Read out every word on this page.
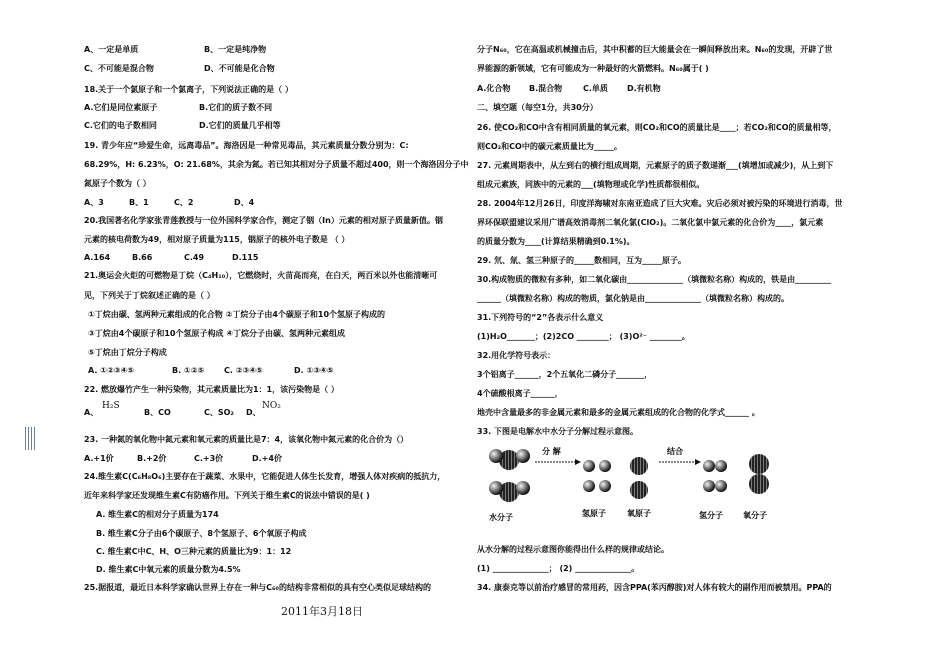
H₂S	NO₂
A、一定是单质	B、一定是纯净物
C、不可能是混合物	D、不可能是化合物
18.关于一个氯原子和一个氯离子，下列说法正确的是（ ）
A.它们是同位素原子	B.它们的质子数不同
C.它们的电子数相同	D.它们的质量几乎相等
19. 青少年应“珍爱生命，远离毒品”。海洛因是一种常见毒品，其元素质量分数分别为：C:
68.29%，H: 6.23%，O: 21.68%，其余为氮。若已知其相对分子质量不超过400，则一个海洛因分子中
氮原子个数为（ ）
A、3	B、1	C、2	D、4
20.我国著名化学家张青莲教授与一位外国科学家合作，测定了铟（In）元素的相对原子质量新值。铟
元素的核电荷数为49，相对原子质量为115，铟原子的核外电子数是 （ ）
A.164	B.66	C.49	D.115
21.奥运会火炬的可燃物是丁烷（C₄H₁₀），它燃烧时，火苗高而亮，在白天，两百米以外也能清晰可
见，下列关于丁烷叙述正确的是（ ）
①丁烷由碳、氢两种元素组成的化合物 ②丁烷分子由4个碳原子和10个氢原子构成的
③丁烷由4个碳原子和10个氢原子构成 ④丁烷分子由碳、氢两种元素组成
⑤丁烷由丁烷分子构成
A. ①②③④⑤	B. ①②⑤ C. ②③④⑤	D. ①③④⑤
22. 燃放爆竹产生一种污染物，其元素质量比为1：1，该污染物是（ ）
A、	B、CO	C、SO₂ D、
23. 一种氮的氧化物中氮元素和氧元素的质量比是7：4，该氧化物中氮元素的化合价为（）
A.+1价	B.+2价	C.+3价	D.+4价
24.维生素C(C₆H₈O₆)主要存在于蔬菜、水果中，它能促进人体生长发育，增强人体对疾病的抵抗力，
近年来科学家还发现维生素C有防癌作用。下列关于维生素C的说法中错误的是( )
A. 维生素C的相对分子质量为174
B. 维生素C分子由6个碳原子、8个氢原子、6个氧原子构成
C. 维生素C中C、H、O三种元素的质量比为9：1：12
D. 维生素C中氧元素的质量分数为4.5%
25.据报道，最近日本科学家确认世界上存在一种与C₆₀的结构非常相似的具有空心类似足球结构的
分子N₆₀，它在高温或机械撞击后，其中积蓄的巨大能量会在一瞬间释放出来。N₆₀的发现，开辟了世
界能源的新领域，它有可能成为一种最好的火箭燃料。N₆₀属于( )
A.化合物 B.混合物	C.单质 D.有机物
二、填空题（每空1分，共30分）
26. 使CO₂和CO中含有相同质量的氧元素，则CO₂和CO的质量比是____；若CO₂和CO的质量相等，
则CO₂和CO中的碳元素质量比为_____。
27. 元素周期表中，从左到右的横行组成周期，元素原子的质子数递渐___(填增加或减少)，从上到下
组成元素族，同族中的元素的___(填物理或化学)性质都很相似。
28. 2004年12月26日，印度洋海啸对东南亚造成了巨大灾难。灾后必须对被污染的环境进行消毒，世
界环保联盟建议采用广谱高效消毒剂二氧化氯(ClO₂)。二氧化氯中氯元素的化合价为____，氯元素
的质量分数为____(计算结果精确到0.1%)。
29. 氘、氚、氢三种原子的_____数相同，互为_____原子。
30.构成物质的微粒有多种，如二氧化碳由______________（填微粒名称）构成的，铁是由_________
______（填微粒名称）构成的物质，氯化钠是由______________（填微粒名称）构成的。
31.下列符号的“2”各表示什么意义
(1)H₂O_______；(2)2CO ________； (3)O²⁻ ________。
32.用化学符号表示：
3个铝离子______，2个五氧化二磷分子_______，
4个硫酸根离子______，
地壳中含量最多的非金属元素和最多的金属元素组成的化合物的化学式______ 。
33. 下图是电解水中水分子分解过程示意图。
从水分解的过程示意图你能得出什么样的规律或结论。
(1) ______________； (2) ______________。
34. 康泰克等以前治疗感冒的常用药，因含PPA(苯丙醇胺)对人体有较大的副作用而被禁用。PPA的
分 解	结合
水分子	氢原子	氧原子	氢分子	氧分子
2011年3月18日
